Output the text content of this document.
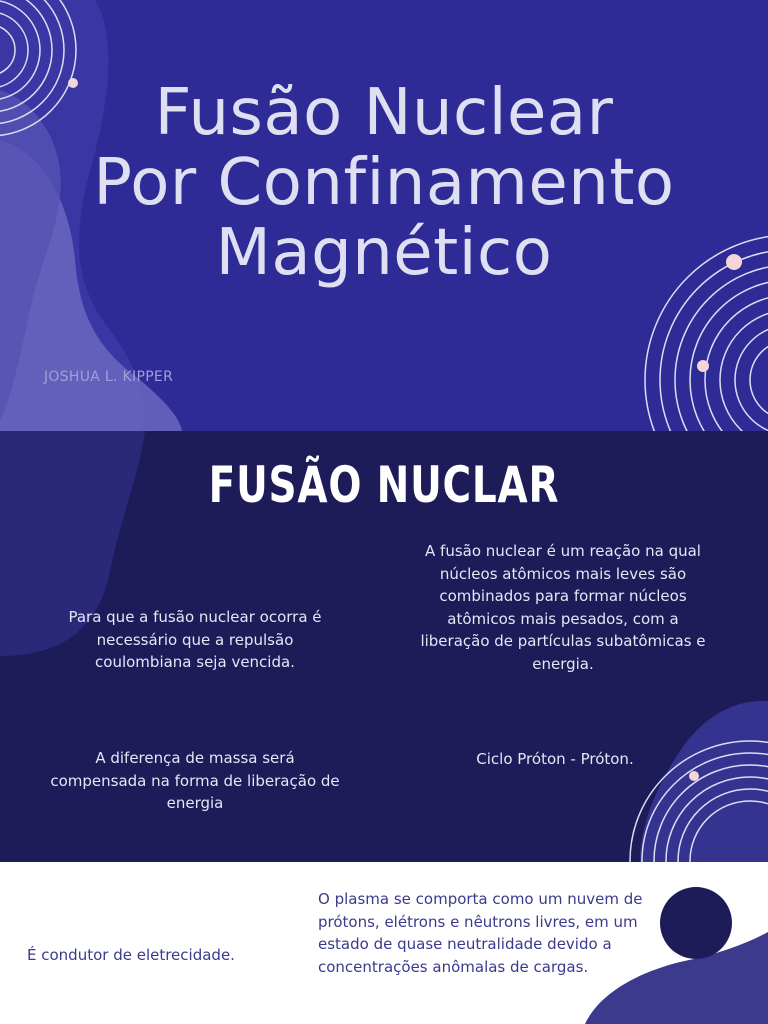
Fusão Nuclear
Por Confinamento
Magnético
JOSHUA L. KIPPER
FUSÃO NUCLAR
Para que a fusão nuclear ocorra é necessário que a repulsão coulombiana seja vencida.
A fusão nuclear é um reação na qual núcleos atômicos mais leves são combinados para formar núcleos atômicos mais pesados, com a liberação de partículas subatômicas e energia.
A diferença de massa será compensada na forma de liberação de energia
Ciclo Próton - Próton.
É condutor de eletrecidade.
O plasma se comporta como um nuvem de prótons, elétrons e nêutrons livres, em um estado de quase neutralidade devido a concentrações anômalas de cargas.
